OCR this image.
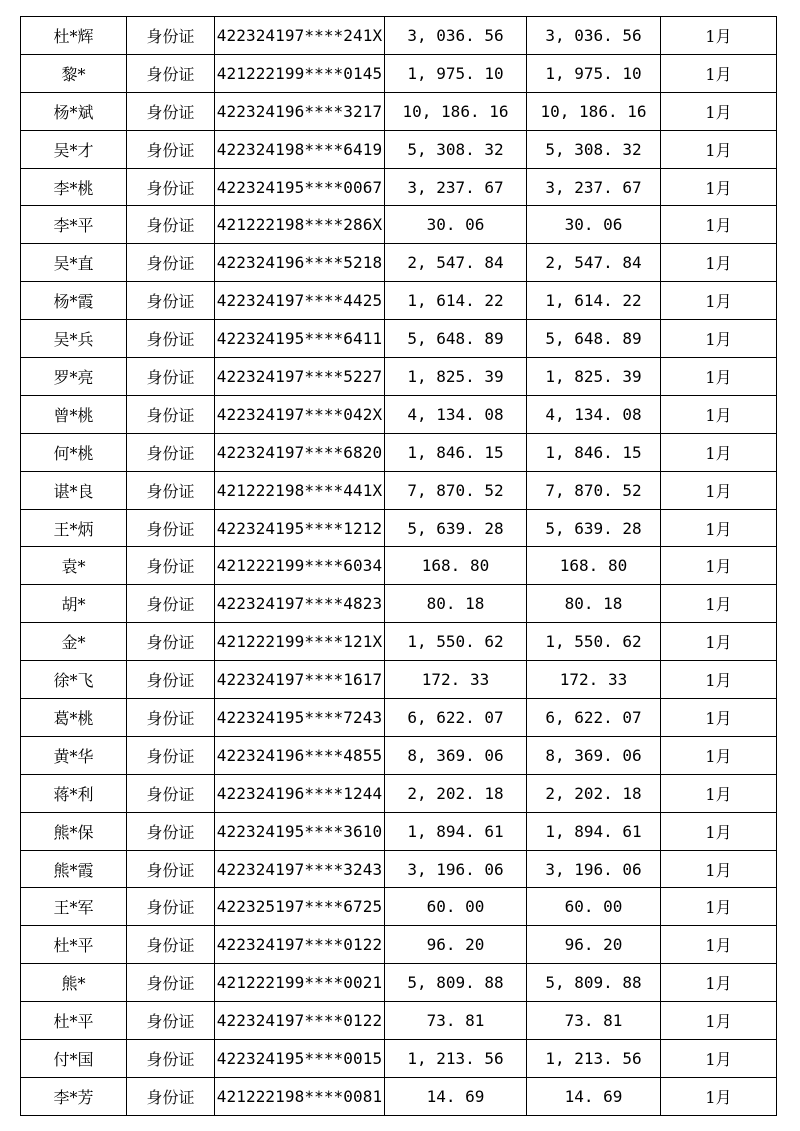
杜*辉	身份证	422324197****241X	3, 036. 56	3, 036. 56	1月
黎*	身份证	421222199****0145	1, 975. 10	1, 975. 10	1月
杨*斌	身份证	422324196****3217	10, 186. 16	10, 186. 16	1月
吴*才	身份证	422324198****6419	5, 308. 32	5, 308. 32	1月
李*桃	身份证	422324195****0067	3, 237. 67	3, 237. 67	1月
李*平	身份证	421222198****286X	30. 06	30. 06	1月
吴*直	身份证	422324196****5218	2, 547. 84	2, 547. 84	1月
杨*霞	身份证	422324197****4425	1, 614. 22	1, 614. 22	1月
吴*兵	身份证	422324195****6411	5, 648. 89	5, 648. 89	1月
罗*亮	身份证	422324197****5227	1, 825. 39	1, 825. 39	1月
曾*桃	身份证	422324197****042X	4, 134. 08	4, 134. 08	1月
何*桃	身份证	422324197****6820	1, 846. 15	1, 846. 15	1月
谌*良	身份证	421222198****441X	7, 870. 52	7, 870. 52	1月
王*炳	身份证	422324195****1212	5, 639. 28	5, 639. 28	1月
袁*	身份证	421222199****6034	168. 80	168. 80	1月
胡*	身份证	422324197****4823	80. 18	80. 18	1月
金*	身份证	421222199****121X	1, 550. 62	1, 550. 62	1月
徐*飞	身份证	422324197****1617	172. 33	172. 33	1月
葛*桃	身份证	422324195****7243	6, 622. 07	6, 622. 07	1月
黄*华	身份证	422324196****4855	8, 369. 06	8, 369. 06	1月
蒋*利	身份证	422324196****1244	2, 202. 18	2, 202. 18	1月
熊*保	身份证	422324195****3610	1, 894. 61	1, 894. 61	1月
熊*霞	身份证	422324197****3243	3, 196. 06	3, 196. 06	1月
王*军	身份证	422325197****6725	60. 00	60. 00	1月
杜*平	身份证	422324197****0122	96. 20	96. 20	1月
熊*	身份证	421222199****0021	5, 809. 88	5, 809. 88	1月
杜*平	身份证	422324197****0122	73. 81	73. 81	1月
付*国	身份证	422324195****0015	1, 213. 56	1, 213. 56	1月
李*芳	身份证	421222198****0081	14. 69	14. 69	1月
